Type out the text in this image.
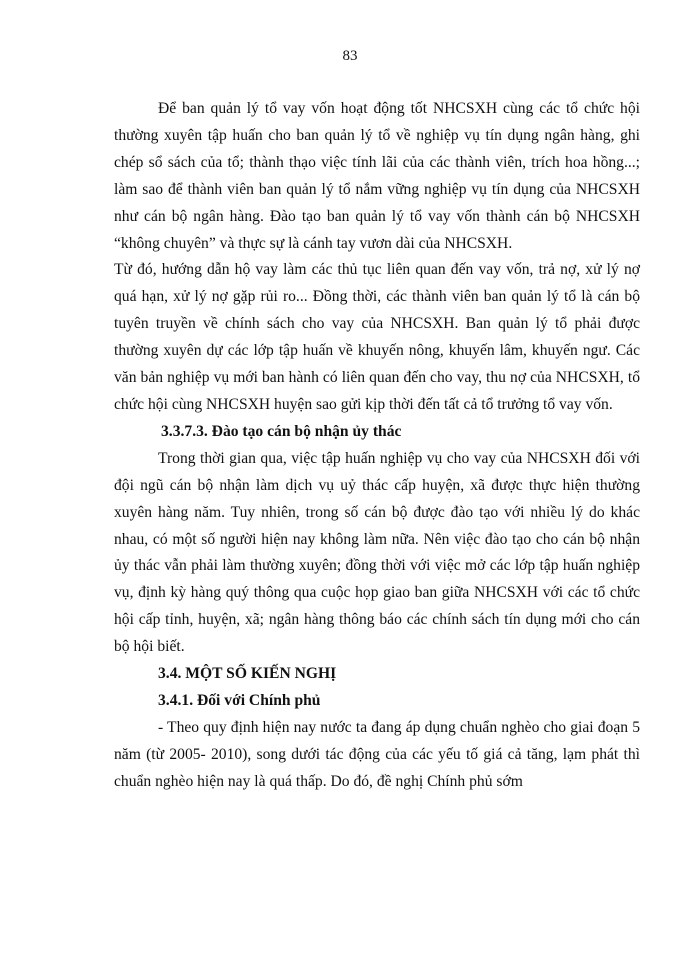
83

Để ban quản lý tổ vay vốn hoạt động tốt NHCSXH cùng các tổ chức hội thường xuyên tập huấn cho ban quản lý tổ về nghiệp vụ tín dụng ngân hàng, ghi chép sổ sách của tổ; thành thạo việc tính lãi của các thành viên, trích hoa hồng...; làm sao để thành viên ban quản lý tổ nắm vững nghiệp vụ tín dụng của NHCSXH như cán bộ ngân hàng. Đào tạo ban quản lý tổ vay vốn thành cán bộ NHCSXH “không chuyên” và thực sự là cánh tay vươn dài của NHCSXH.

Từ đó, hướng dẫn hộ vay làm các thủ tục liên quan đến vay vốn, trả nợ, xử lý nợ quá hạn, xử lý nợ gặp rủi ro... Đồng thời, các thành viên ban quản lý tổ là cán bộ tuyên truyền về chính sách cho vay của NHCSXH. Ban quản lý tổ phải được thường xuyên dự các lớp tập huấn về khuyến nông, khuyến lâm, khuyến ngư. Các văn bản nghiệp vụ mới ban hành có liên quan đến cho vay, thu nợ của NHCSXH, tổ chức hội cùng NHCSXH huyện sao gửi kịp thời đến tất cả tổ trưởng tổ vay vốn.

3.3.7.3. Đào tạo cán bộ nhận ủy thác

Trong thời gian qua, việc tập huấn nghiệp vụ cho vay của NHCSXH đối với đội ngũ cán bộ nhận làm dịch vụ uỷ thác cấp huyện, xã được thực hiện thường xuyên hàng năm. Tuy nhiên, trong số cán bộ được đào tạo với nhiều lý do khác nhau, có một số người hiện nay không làm nữa. Nên việc đào tạo cho cán bộ nhận ủy thác vẫn phải làm thường xuyên; đồng thời với việc mở các lớp tập huấn nghiệp vụ, định kỳ hàng quý thông qua cuộc họp giao ban giữa NHCSXH với các tổ chức hội cấp tỉnh, huyện, xã; ngân hàng thông báo các chính sách tín dụng mới cho cán bộ hội biết.

3.4. MỘT SỐ KIẾN NGHỊ
3.4.1. Đối với Chính phủ

- Theo quy định hiện nay nước ta đang áp dụng chuẩn nghèo cho giai đoạn 5 năm (từ 2005- 2010), song dưới tác động của các yếu tố giá cả tăng, lạm phát thì chuẩn nghèo hiện nay là quá thấp. Do đó, đề nghị Chính phủ sớm
